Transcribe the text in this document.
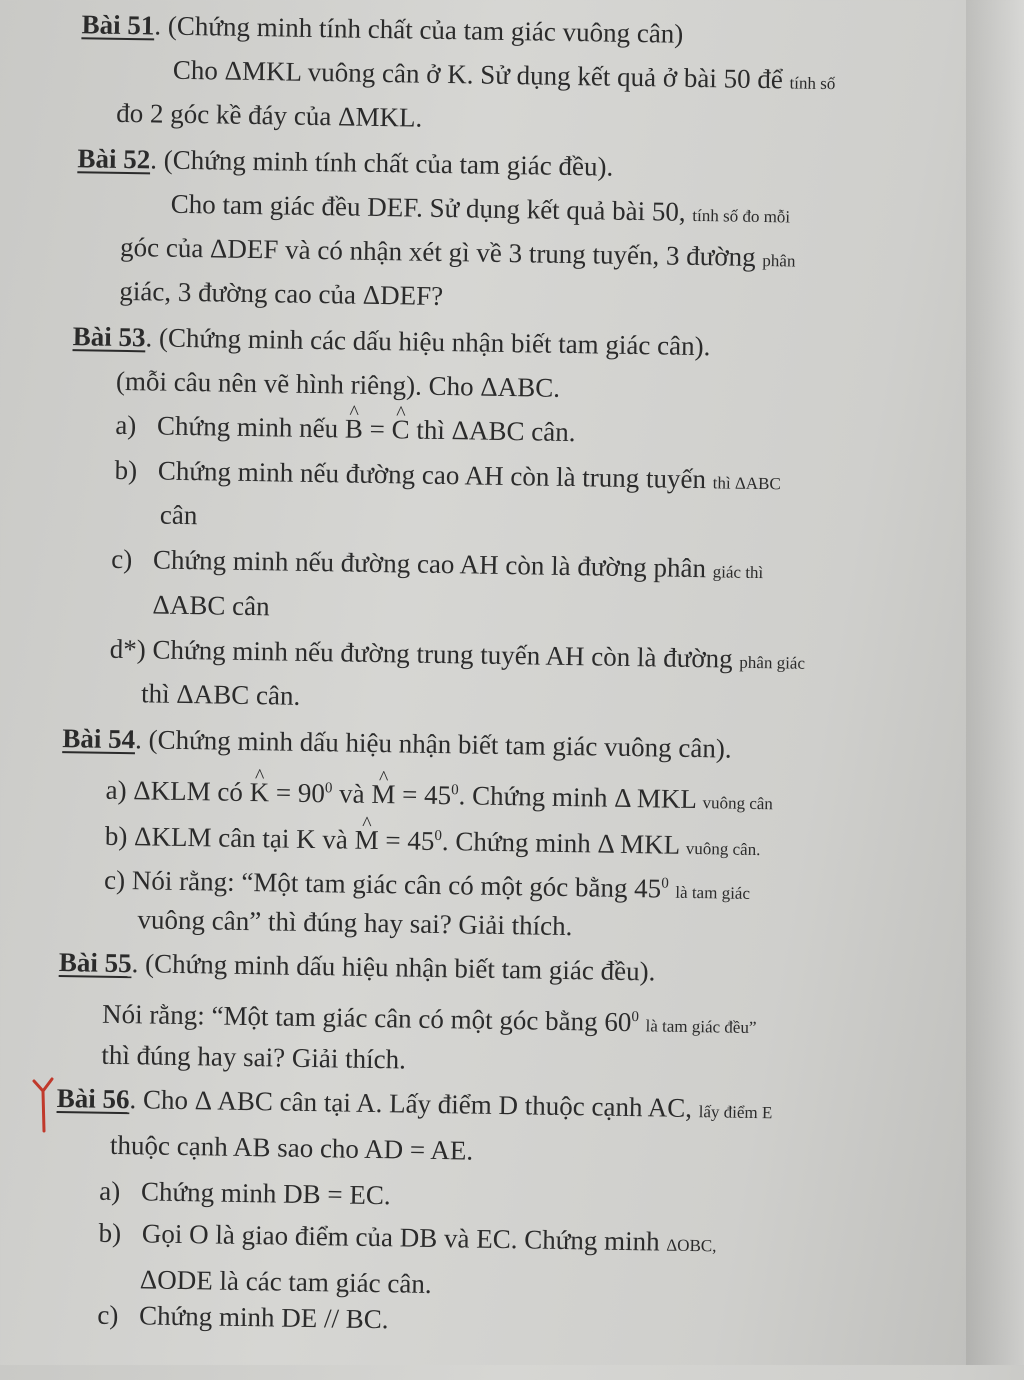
Bài 51. (Chứng minh tính chất của tam giác vuông cân)
Cho ΔMKL vuông cân ở K. Sử dụng kết quả ở bài 50 để tính số
đo 2 góc kề đáy của ΔMKL.
Bài 52. (Chứng minh tính chất của tam giác đều).
Cho tam giác đều DEF. Sử dụng kết quả bài 50, tính số đo mỗi
góc của ΔDEF và có nhận xét gì về 3 trung tuyến, 3 đường phân
giác, 3 đường cao của ΔDEF?
Bài 53. (Chứng minh các dấu hiệu nhận biết tam giác cân).
(mỗi câu nên vẽ hình riêng). Cho ΔABC.
a) Chứng minh nếu ^ B = ^ C thì ΔABC cân.
b) Chứng minh nếu đường cao AH còn là trung tuyến thì ΔABC
cân
c) Chứng minh nếu đường cao AH còn là đường phân giác thì
ΔABC cân
d*) Chứng minh nếu đường trung tuyến AH còn là đường phân giác
thì ΔABC cân.
Bài 54. (Chứng minh dấu hiệu nhận biết tam giác vuông cân).
a) ΔKLM có ^ $K = 90^0$ và ^ $M = 45^0$. Chứng minh Δ MKL vuông cân
b) ΔKLM cân tại K và ^ $M = 45^0$. Chứng minh Δ MKL vuông cân.
c) Nói rằng: “Một tam giác cân có một góc bằng $45^0$ là tam giác
vuông cân” thì đúng hay sai? Giải thích.
Bài 55. (Chứng minh dấu hiệu nhận biết tam giác đều).
Nói rằng: “Một tam giác cân có một góc bằng $60^0$ là tam giác đều”
thì đúng hay sai? Giải thích.
Bài 56. Cho Δ ABC cân tại A. Lấy điểm D thuộc cạnh AC, lấy điểm E
thuộc cạnh AB sao cho AD = AE.
a) Chứng minh DB = EC.
b) Gọi O là giao điểm của DB và EC. Chứng minh ΔOBC,
ΔODE là các tam giác cân.
c) Chứng minh DE // BC.
